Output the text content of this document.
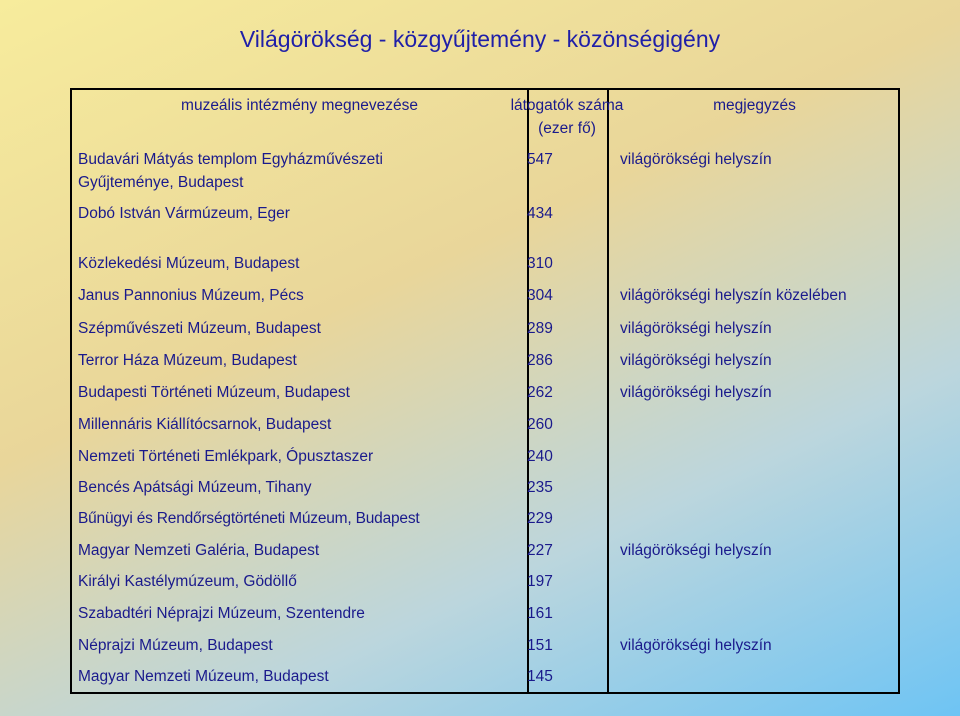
Világörökség - közgyűjtemény - közönségigény
muzeális intézmény megnevezése	látogatók száma
(ezer fő)
megjegyzés
Budavári Mátyás templom Egyházművészeti
Gyűjteménye, Budapest
547	világörökségi helyszín
Dobó István Vármúzeum, Eger	434
Közlekedési Múzeum, Budapest	310
Janus Pannonius Múzeum, Pécs	304	világörökségi helyszín közelében
Szépművészeti Múzeum, Budapest	289	világörökségi helyszín
Terror Háza Múzeum, Budapest	286	világörökségi helyszín
Budapesti Történeti Múzeum, Budapest	262	világörökségi helyszín
Millennáris Kiállítócsarnok, Budapest	260
Nemzeti Történeti Emlékpark, Ópusztaszer	240
Bencés Apátsági Múzeum, Tihany	235
Bűnügyi és Rendőrségtörténeti Múzeum, Budapest	229
Magyar Nemzeti Galéria, Budapest	227	világörökségi helyszín
Királyi Kastélymúzeum, Gödöllő	197
Szabadtéri Néprajzi Múzeum, Szentendre	161
Néprajzi Múzeum, Budapest	151	világörökségi helyszín
Magyar Nemzeti Múzeum, Budapest	145
